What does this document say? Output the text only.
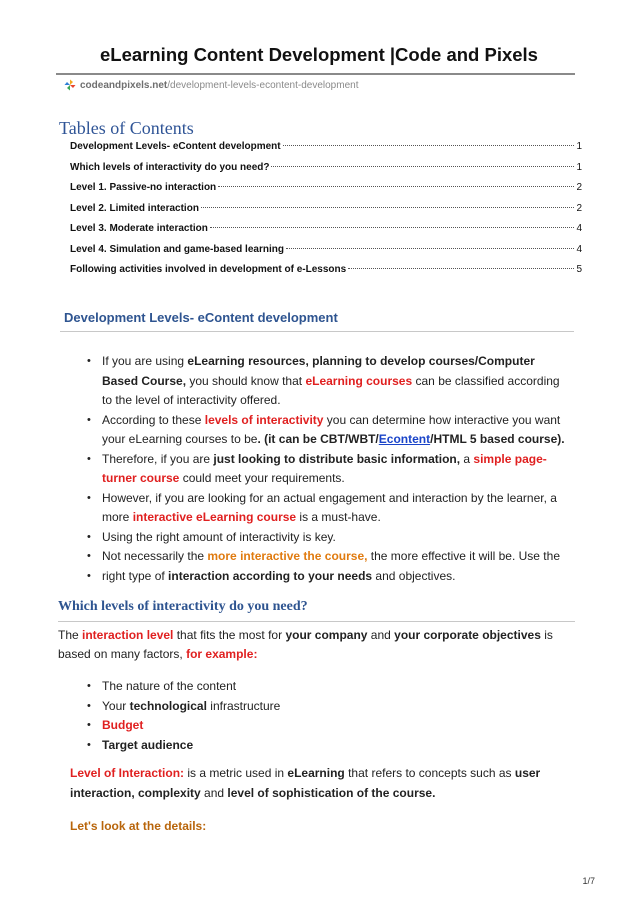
eLearning Content Development |Code and Pixels
codeandpixels.net /development-levels-econtent-development
Tables of Contents
Development Levels- eContent development	1
Which levels of interactivity do you need?	1
Level 1. Passive-no interaction	2
Level 2. Limited interaction	2
Level 3. Moderate interaction	4
Level 4. Simulation and game-based learning	4
Following activities involved in development of e-Lessons	5
Development Levels- eContent development
• If you are using eLearning resources, planning to develop courses/Computer Based Course, you should know that eLearning courses can be classified according to the level of interactivity offered.
• According to these levels of interactivity you can determine how interactive you want your eLearning courses to be. (it can be CBT/WBT/Econtent/HTML 5 based course).
• Therefore, if you are just looking to distribute basic information, a simple page- turner course could meet your requirements.
• However, if you are looking for an actual engagement and interaction by the learner, a more interactive eLearning course is a must-have.
• Using the right amount of interactivity is key.
• Not necessarily the more interactive the course, the more effective it will be. Use the
• right type of interaction according to your needs and objectives.
Which levels of interactivity do you need?
The interaction level that fits the most for your company and your corporate objectives is based on many factors, for example:
• The nature of the content
• Your technological infrastructure
• Budget
• Target audience
Level of Interaction: is a metric used in eLearning that refers to concepts such as user interaction, complexity and level of sophistication of the course.
Let's look at the details:
1/7
